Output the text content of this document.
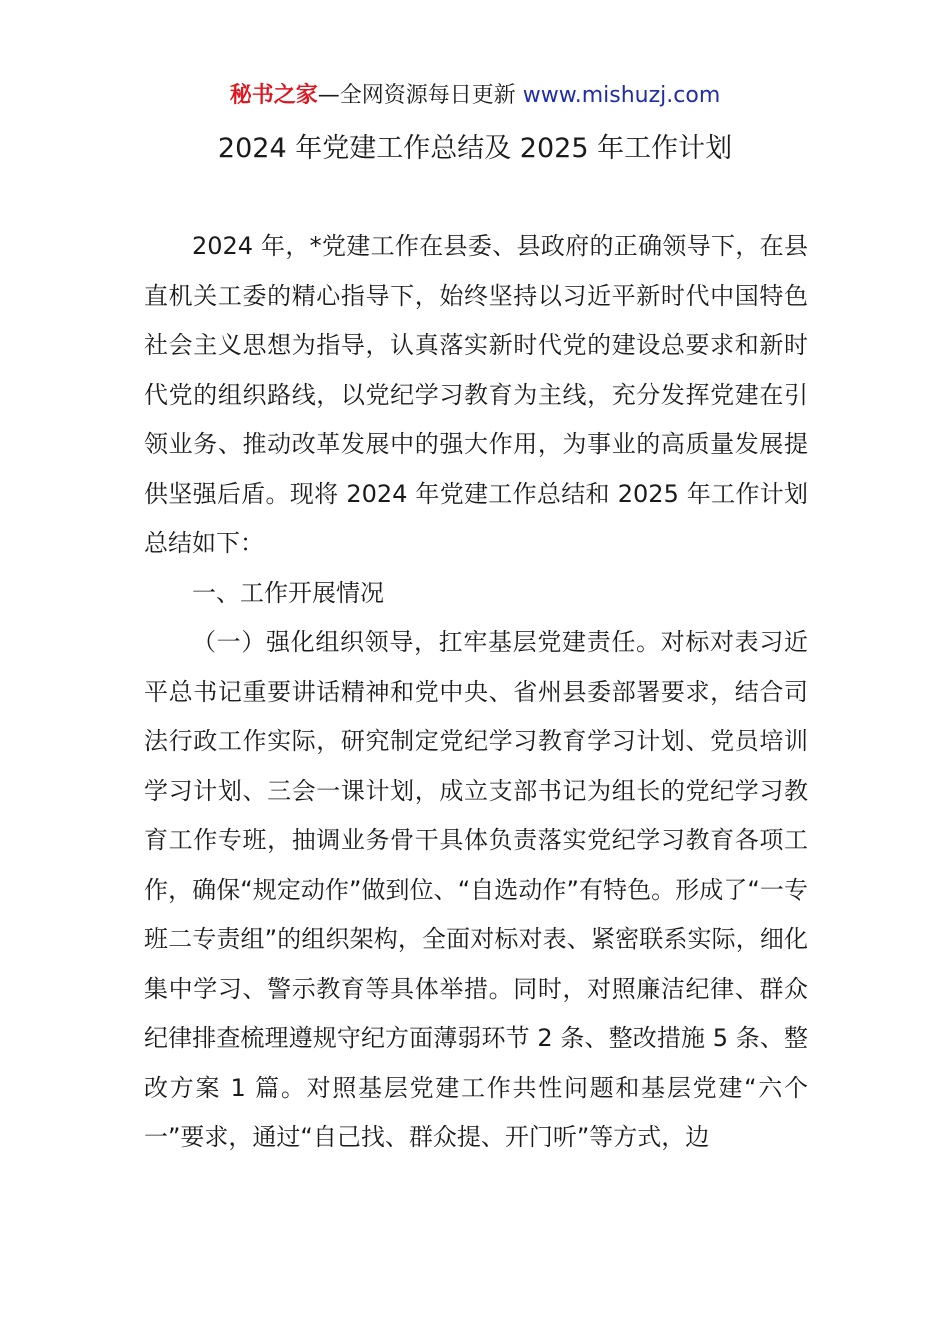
秘书之家—全网资源每日更新 www.mishuzj.com
2024 年党建工作总结及 2025 年工作计划

2024 年，*党建工作在县委、县政府的正确领导下，在县直机关工委的精心指导下，始终坚持以习近平新时代中国特色社会主义思想为指导，认真落实新时代党的建设总要求和新时代党的组织路线，以党纪学习教育为主线，充分发挥党建在引领业务、推动改革发展中的强大作用，为事业的高质量发展提供坚强后盾。现将 2024 年党建工作总结和 2025 年工作计划总结如下：

一、工作开展情况

（一）强化组织领导，扛牢基层党建责任。对标对表习近平总书记重要讲话精神和党中央、省州县委部署要求，结合司法行政工作实际，研究制定党纪学习教育学习计划、党员培训学习计划、三会一课计划，成立支部书记为组长的党纪学习教育工作专班，抽调业务骨干具体负责落实党纪学习教育各项工作，确保“规定动作”做到位、“自选动作”有特色。形成了“一专班二专责组”的组织架构，全面对标对表、紧密联系实际，细化集中学习、警示教育等具体举措。同时，对照廉洁纪律、群众纪律排查梳理遵规守纪方面薄弱环节 2 条、整改措施 5 条、整改方案 1 篇。对照基层党建工作共性问题和基层党建“六个一”要求，通过“自己找、群众提、开门听”等方式，边
